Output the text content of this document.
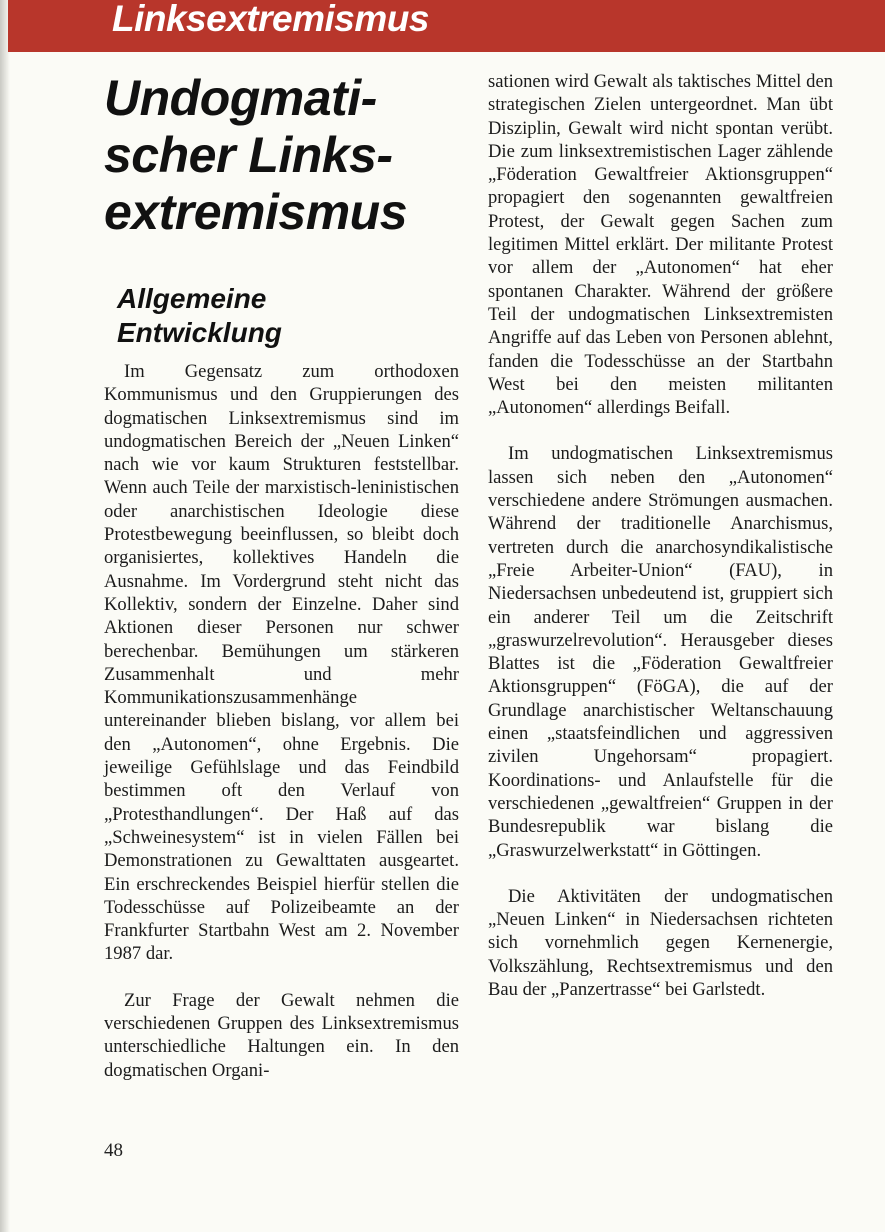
Linksextremismus
Undogmati-
scher Links-
extremismus
Allgemeine
Entwicklung

Im Gegensatz zum orthodoxen Kommunismus und den Gruppierungen des dogmatischen Linksextremismus sind im undogmatischen Bereich der „Neuen Linken“ nach wie vor kaum Strukturen feststellbar. Wenn auch Teile der marxistisch-leninistischen oder anarchistischen Ideologie diese Protestbewegung beeinflussen, so bleibt doch organisiertes, kollektives Handeln die Ausnahme. Im Vordergrund steht nicht das Kollektiv, sondern der Einzelne. Daher sind Aktionen dieser Personen nur schwer berechenbar. Bemühungen um stärkeren Zusammenhalt und mehr Kommunikationszusammenhänge untereinander blieben bislang, vor allem bei den „Autonomen“, ohne Ergebnis. Die jeweilige Gefühlslage und das Feindbild bestimmen oft den Verlauf von „Protesthandlungen“. Der Haß auf das „Schweinesystem“ ist in vielen Fällen bei Demonstrationen zu Gewalttaten ausgeartet. Ein erschreckendes Beispiel hierfür stellen die Todesschüsse auf Polizeibeamte an der Frankfurter Startbahn West am 2. November 1987 dar.

Zur Frage der Gewalt nehmen die verschiedenen Gruppen des Linksextremismus unterschiedliche Haltungen ein. In den dogmatischen Organi-

sationen wird Gewalt als taktisches Mittel den strategischen Zielen untergeordnet. Man übt Disziplin, Gewalt wird nicht spontan verübt. Die zum linksextremistischen Lager zählende „Föderation Gewaltfreier Aktionsgruppen“ propagiert den sogenannten gewaltfreien Protest, der Gewalt gegen Sachen zum legitimen Mittel erklärt. Der militante Protest vor allem der „Autonomen“ hat eher spontanen Charakter. Während der größere Teil der undogmatischen Linksextremisten Angriffe auf das Leben von Personen ablehnt, fanden die Todesschüsse an der Startbahn West bei den meisten militanten „Autonomen“ allerdings Beifall.

Im undogmatischen Linksextremismus lassen sich neben den „Autonomen“ verschiedene andere Strömungen ausmachen. Während der traditionelle Anarchismus, vertreten durch die anarchosyndikalistische „Freie Arbeiter-Union“ (FAU), in Niedersachsen unbedeutend ist, gruppiert sich ein anderer Teil um die Zeitschrift „graswurzelrevolution“. Herausgeber dieses Blattes ist die „Föderation Gewaltfreier Aktionsgruppen“ (FöGA), die auf der Grundlage anarchistischer Weltanschauung einen „staatsfeindlichen und aggressiven zivilen Ungehorsam“ propagiert. Koordinations- und Anlaufstelle für die verschiedenen „gewaltfreien“ Gruppen in der Bundesrepublik war bislang die „Graswurzelwerkstatt“ in Göttingen.

Die Aktivitäten der undogmatischen „Neuen Linken“ in Niedersachsen richteten sich vornehmlich gegen Kernenergie, Volkszählung, Rechtsextremismus und den Bau der „Panzertrasse“ bei Garlstedt.

48
